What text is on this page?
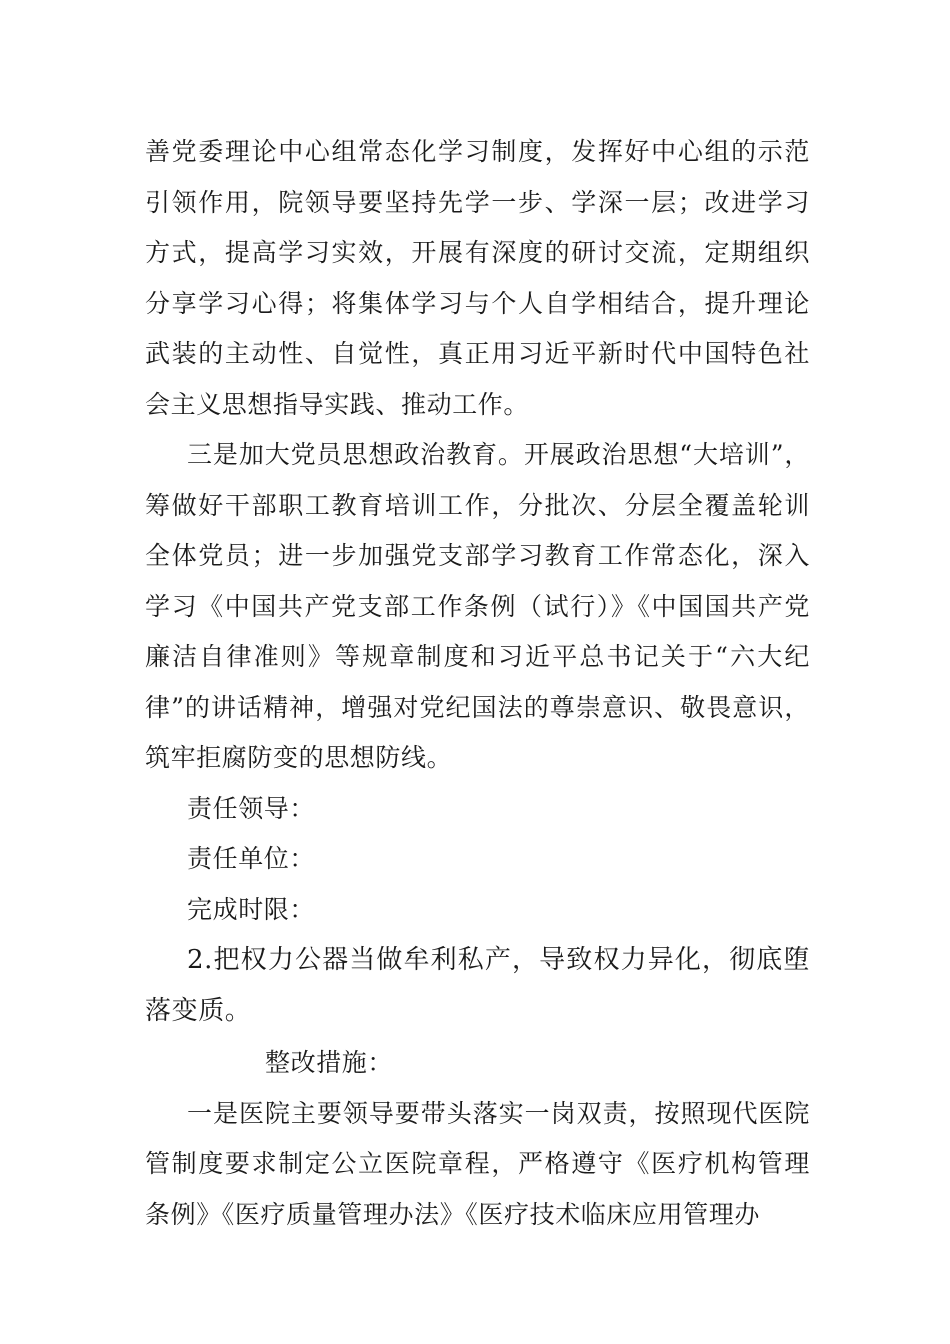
善党委理论中心组常态化学习制度，发挥好中心组的示范引领作用，院领导要坚持先学一步、学深一层；改进学习方式，提高学习实效，开展有深度的研讨交流，定期组织分享学习心得；将集体学习与个人自学相结合，提升理论武装的主动性、自觉性，真正用习近平新时代中国特色社会主义思想指导实践、推动工作。

三是加大党员思想政治教育。开展政治思想“大培训”，筹做好干部职工教育培训工作，分批次、分层全覆盖轮训全体党员；进一步加强党支部学习教育工作常态化，深入学习《中国共产党支部工作条例（试行）》《中国国共产党廉洁自律准则》等规章制度和习近平总书记关于“六大纪律”的讲话精神，增强对党纪国法的尊崇意识、敬畏意识，筑牢拒腐防变的思想防线。

责任领导：

责任单位：

完成时限：

2.把权力公器当做牟利私产，导致权力异化，彻底堕落变质。

整改措施：

一是医院主要领导要带头落实一岗双责，按照现代医院管制度要求制定公立医院章程，严格遵守《医疗机构管理条例》《医疗质量管理办法》《医疗技术临床应用管理办
